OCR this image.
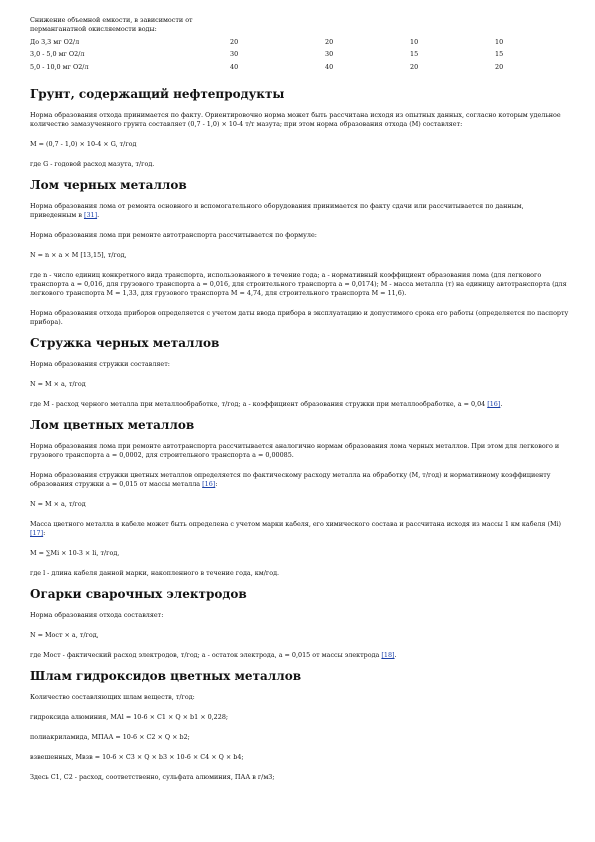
Снижение объемной емкости, в зависимости от перманганатной окисляемости воды:
До 3,3 мг O2/л	20	20	10	10
3,0 - 5,0 мг O2/л	30	30	15	15
5,0 - 10,0 мг O2/л	40	40	20	20
Грунт, содержащий нефтепродукты

Норма образования отхода принимается по факту. Ориентировочно норма может быть рассчитана исходя из опытных данных, согласно которым удельное количество замазученного грунта составляет (0,7 - 1,0) × 10-4 т/т мазута; при этом норма образования отхода (М) составляет:

М = (0,7 - 1,0) × 10-4 × G, т/год

где G - годовой расход мазута, т/год.

Лом черных металлов

Норма образования лома от ремонта основного и вспомогательного оборудования принимается по факту сдачи или рассчитывается по данным, приведенным в [31].

Норма образования лома при ремонте автотранспорта рассчитывается по формуле:

N = n × а × М [13,15], т/год,

где n - число единиц конкретного вида транспорта, использованного в течение года; а - нормативный коэффициент образования лома (для легкового транспорта а = 0,016, для грузового транспорта а = 0,016, для строительного транспорта а = 0,0174); М - масса металла (т) на единицу автотранспорта (для легкового транспорта М = 1,33, для грузового транспорта М = 4,74, для строительного транспорта М = 11,6).

Норма образования отхода приборов определяется с учетом даты ввода прибора в эксплуатацию и допустимого срока его работы (определяется по паспорту прибора).

Стружка черных металлов

Норма образования стружки составляет:

N = М × а, т/год

где М - расход черного металла при металлообработке, т/год; а - коэффициент образования стружки при металлообработке, а = 0,04 [16].

Лом цветных металлов

Норма образования лома при ремонте автотранспорта рассчитывается аналогично нормам образования лома черных металлов. При этом для легкового и грузового транспорта а = 0,0002, для строительного транспорта а = 0,00085.

Норма образования стружки цветных металлов определяется по фактическому расходу металла на обработку (М, т/год) и нормативному коэффициенту образования стружки а = 0,015 от массы металла [16]:

N = М × а, т/год

Масса цветного металла в кабеле может быть определена с учетом марки кабеля, его химического состава и рассчитана исходя из массы 1 км кабеля (Мi) [17]:

М = ∑Мi × 10-3 × li, т/год,

где l - длина кабеля данной марки, накопленного в течение года, км/год.

Огарки сварочных электродов

Норма образования отхода составляет:

N = Мост × а, т/год,

где Мост - фактический расход электродов, т/год; а - остаток электрода, а = 0,015 от массы электрода [18].

Шлам гидроксидов цветных металлов

Количество составляющих шлам веществ, т/год:

гидроксида алюминия, МАl = 10-6 × С1 × Q × b1 × 0,228;

полиакриламида, МПАА = 10-6 × С2 × Q × b2;

взвешенных, Мвзв = 10-6 × С3 × Q × b3 × 10-6 × С4 × Q × b4;

Здесь С1, С2 - расход, соответственно, сульфата алюминия, ПАА в г/м3;
